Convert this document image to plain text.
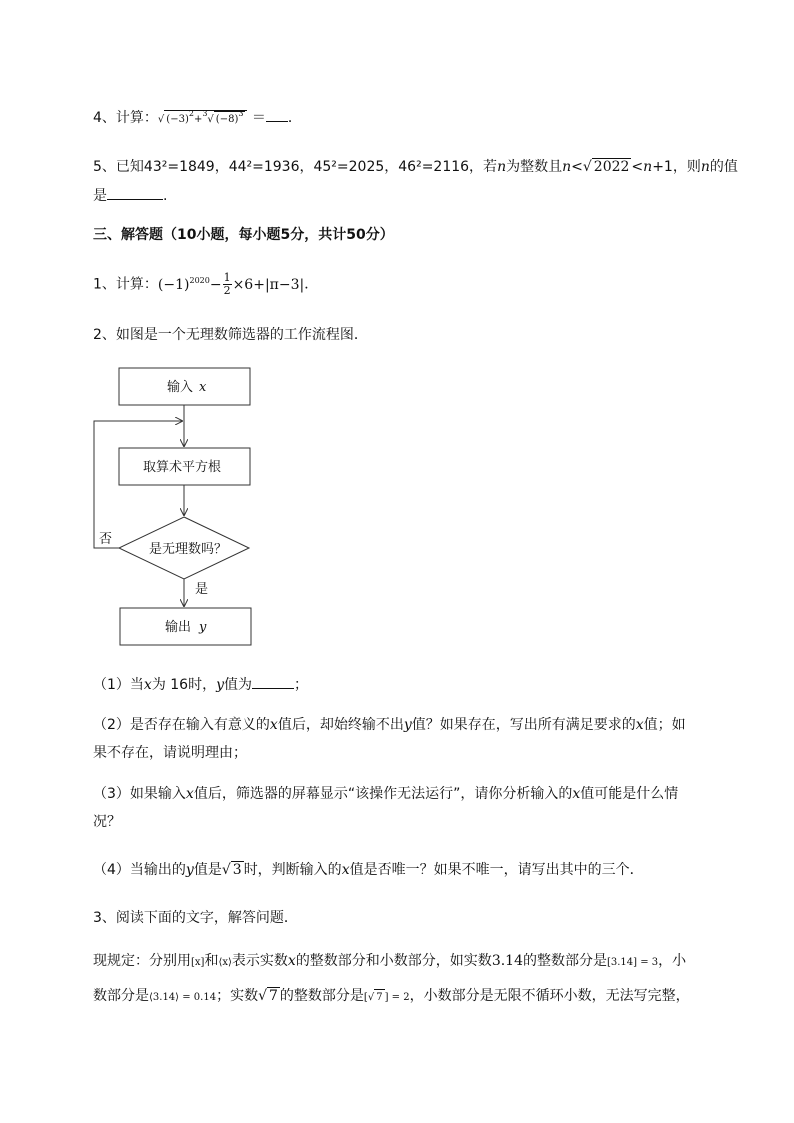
4、计算：√ $(-3)^2+^3√$ $(-8)^3$ ＝ ．
5、已知43²=1849，44²=1936，45²=2025，46²=2116，若n为整数且n<√ 2022 <n+1，则n的值
是	.
三、解答题（10小题，每小题5分，共计50分）
1、计算：$(-1)^{2020}- \frac{1}{2} \times 6+|\pi-3|$．
2、如图是一个无理数筛选器的工作流程图．
输入 x
取算术平方根
是无理数吗？
否
是
输出 y
（1）当x为 16时，y值为	；
（2）是否存在输入有意义的x值后，却始终输不出y值？如果存在，写出所有满足要求的x值；如
果不存在，请说明理由；
（3）如果输入x值后，筛选器的屏幕显示“该操作无法运行”，请你分析输入的x值可能是什么情
况？
（4）当输出的y值是√ 3 时，判断输入的x值是否唯一？如果不唯一，请写出其中的三个．
3、阅读下面的文字，解答问题．
现规定：分别用[x]和⟨x⟩表示实数x的整数部分和小数部分，如实数3.14的整数部分是[3.14] = 3，小
数部分是⟨3.14⟩ = 0.14；实数√ 7 的整数部分是[√ 7 ] = 2，小数部分是无限不循环小数，无法写完整，
